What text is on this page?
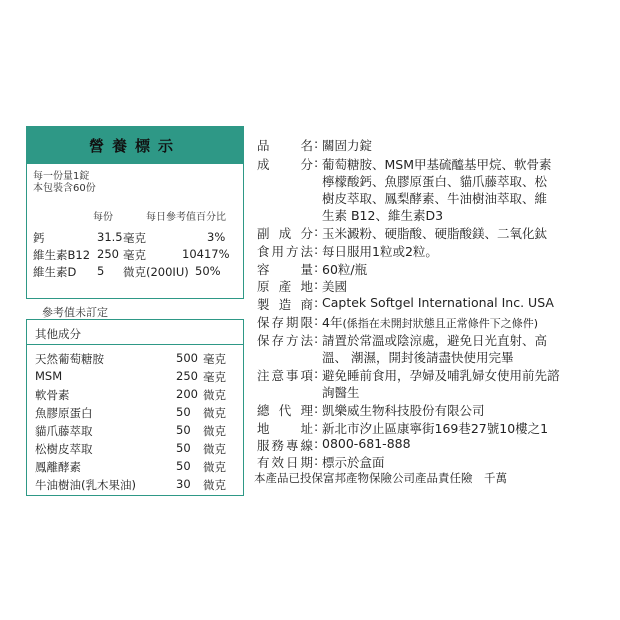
營養標示
每一份量1錠
本包裝含60份
每份	每日參考值百分比
鈣	31.5 毫克	3%
維生素B12 250 毫克	10417%
維生素D 5 微克(200IU) 50%
參考值未訂定
其他成分
天然葡萄糖胺	500 毫克
MSM	250 毫克
軟骨素	200 微克
魚膠原蛋白	50 微克
貓爪藤萃取	50 微克
松樹皮萃取	50 微克
鳳離酵素	50 微克
牛油樹油(乳木果油)	30 微克
品名 : 關固力錠
成分 : 葡萄糖胺、MSM甲基硫醯基甲烷、軟骨素
檸檬酸鈣、魚膠原蛋白、貓爪藤萃取、松
樹皮萃取、鳳梨酵素、牛油樹油萃取、維
生素 B12、維生素D3
副成分 : 玉米澱粉、硬脂酸、硬脂酸鎂、二氧化鈦
食用方法 : 每日服用1粒或2粒。
容量 : 60粒/瓶
原產地 : 美國
製造商 : Captek Softgel International Inc. USA
保存期限 : 4年(係指在未開封狀態且正常條件下之條件)
保存方法 : 請置於常溫或陰涼處，避免日光直射、高
溫、 潮濕，開封後請盡快使用完畢
注意事項 : 避免睡前食用，孕婦及哺乳婦女使用前先諮
詢醫生
總代理 : 凱樂威生物科技股份有限公司
地址 : 新北市汐止區康寧街169巷27號10樓之1
服務專線 : 0800-681-888
有效日期 : 標示於盒面
本產品已投保富邦產物保險公司產品責任險　千萬
